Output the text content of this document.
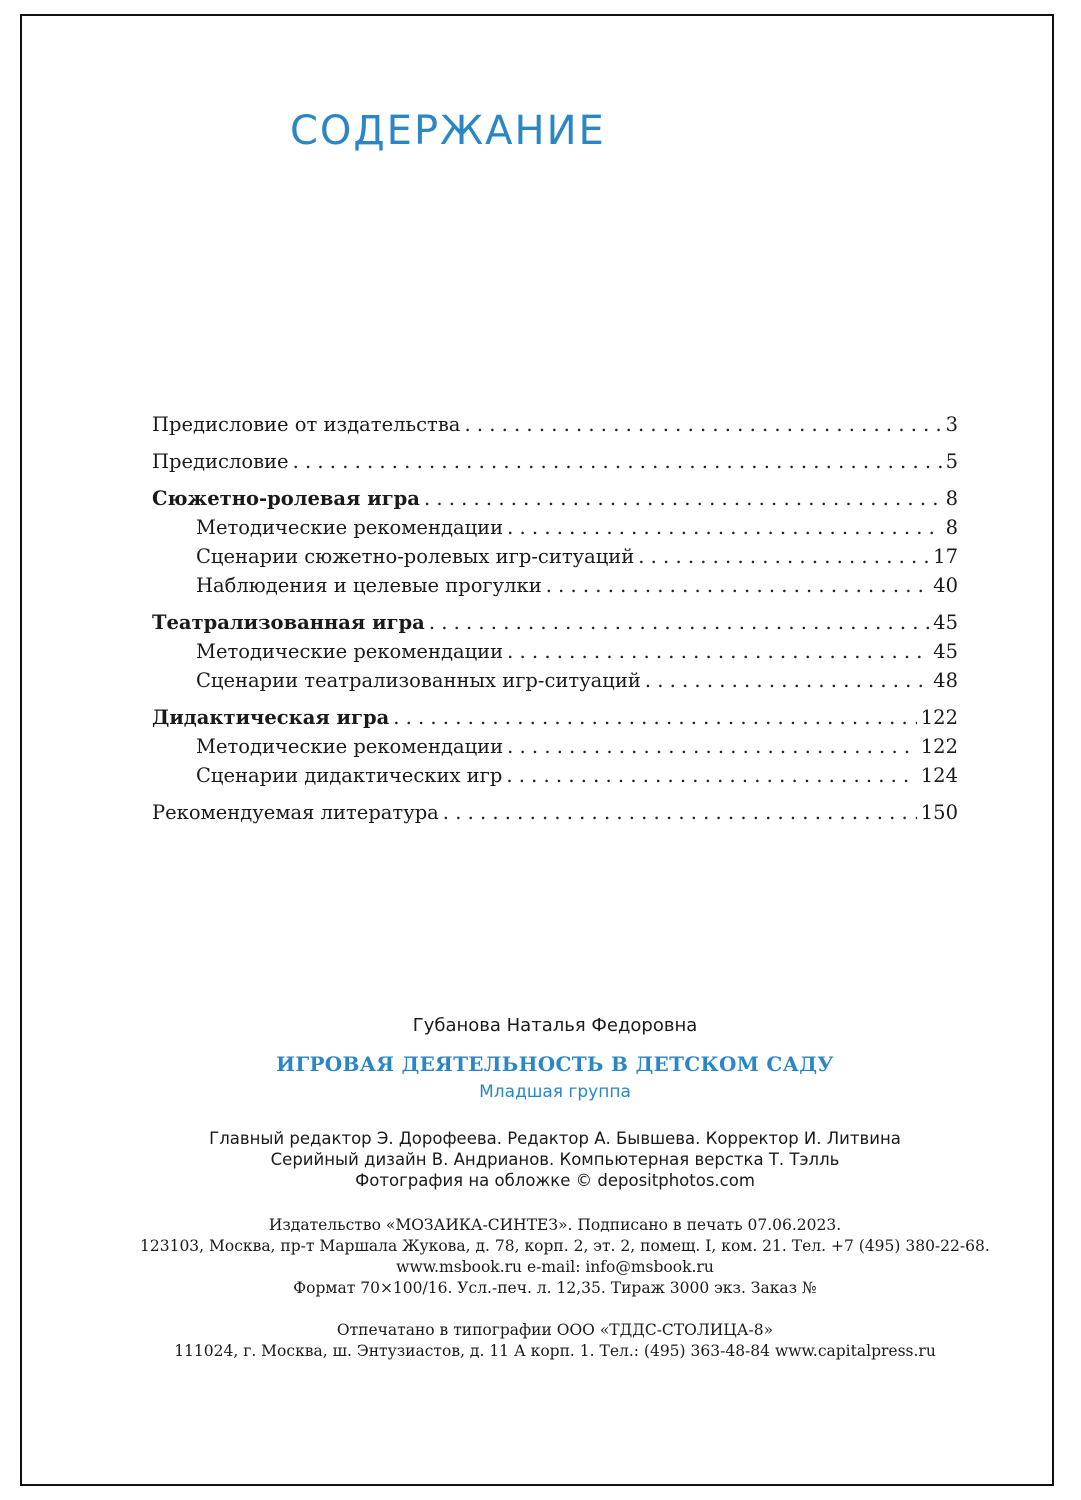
СОДЕРЖАНИЕ
Предисловие от издательства . . .	3
Предисловие . . .	5
Сюжетно-ролевая игра . . .	8
Методические рекомендации . . .	8
Сценарии сюжетно-ролевых игр-ситуаций . . .	17
Наблюдения и целевые прогулки . . .	40
Театрализованная игра . . .	45
Методические рекомендации . . .	45
Сценарии театрализованных игр-ситуаций . . .	48
Дидактическая игра . . .	122
Методические рекомендации . . .	122
Сценарии дидактических игр . . .	124
Рекомендуемая литература . . .	150
Губанова Наталья Федоровна
ИГРОВАЯ ДЕЯТЕЛЬНОСТЬ В ДЕТСКОМ САДУ
Младшая группа
Главный редактор Э. Дорофеева. Редактор А. Бывшева. Корректор И. Литвина
Серийный дизайн В. Андрианов. Компьютерная верстка Т. Тэлль
Фотография на обложке © depositphotos.com
Издательство «МОЗАИКА-СИНТЕЗ». Подписано в печать 07.06.2023.
123103, Москва, пр-т Маршала Жукова, д. 78, корп. 2, эт. 2, помещ. I, ком. 21. Тел. +7 (495) 380-22-68.
www.msbook.ru e-mail: info@msbook.ru
Формат 70×100/16. Усл.-печ. л. 12,35. Тираж 3000 экз. Заказ №
Отпечатано в типографии ООО «ТДДС-СТОЛИЦА-8»
111024, г. Москва, ш. Энтузиастов, д. 11 А корп. 1. Тел.: (495) 363-48-84 www.capitalpress.ru
